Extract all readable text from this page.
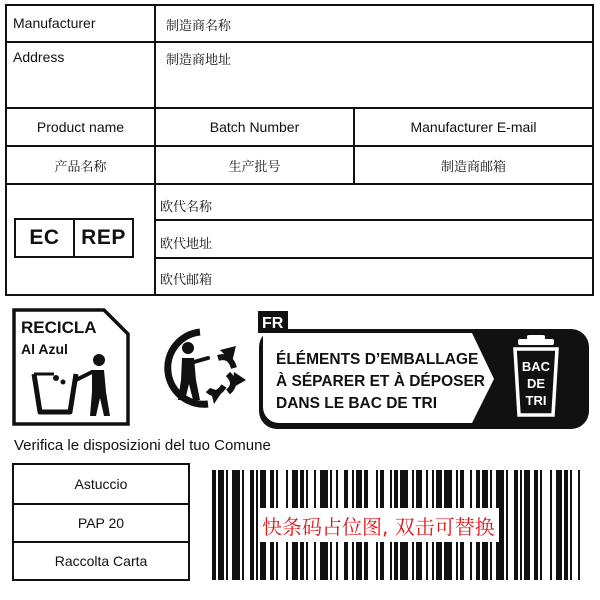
Manufacturer	制造商名称
Address	制造商地址
Product name	Batch Number	Manufacturer E-mail
产品名称	生产批号	制造商邮箱
欧代名称
欧代地址
欧代邮箱
EC	REP
RECICLA
Al Azul
FR
ÉLÉMENTS D’EMBALLAGE
À SÉPARER ET À DÉPOSER
DANS LE BAC DE TRI
BAC
DE
TRI
Verifica le disposizioni del tuo Comune
Astuccio
PAP 20
Raccolta Carta
快条码占位图, 双击可替换
